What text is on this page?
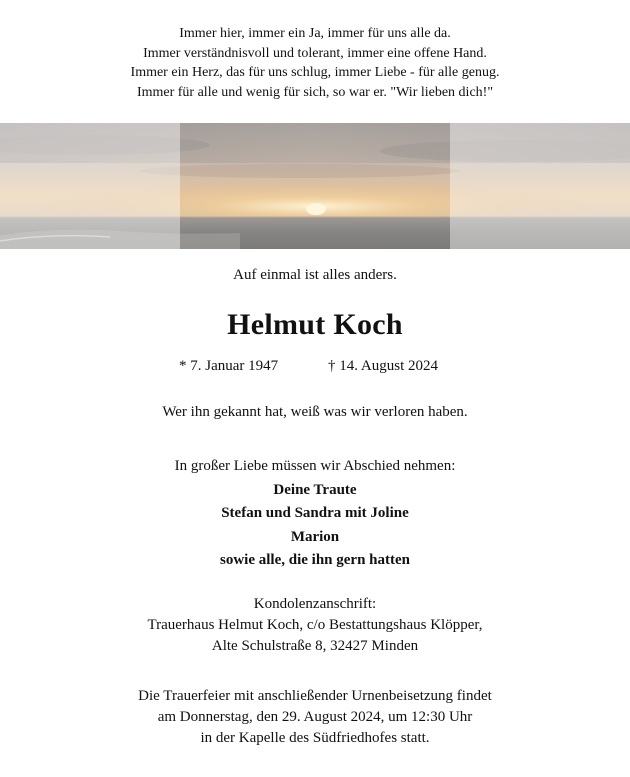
Immer hier, immer ein Ja, immer für uns alle da.
Immer verständnisvoll und tolerant, immer eine offene Hand.
Immer ein Herz, das für uns schlug, immer Liebe - für alle genug.
Immer für alle und wenig für sich, so war er. "Wir lieben dich!"
Auf einmal ist alles anders.
Helmut Koch
* 7. Januar 1947	† 14. August 2024
Wer ihn gekannt hat, weiß was wir verloren haben.
In großer Liebe müssen wir Abschied nehmen:
Deine Traute
Stefan und Sandra mit Joline
Marion
sowie alle, die ihn gern hatten
Kondolenzanschrift:
Trauerhaus Helmut Koch, c/o Bestattungshaus Klöpper,
Alte Schulstraße 8, 32427 Minden
Die Trauerfeier mit anschließender Urnenbeisetzung findet
am Donnerstag, den 29. August 2024, um 12:30 Uhr
in der Kapelle des Südfriedhofes statt.
